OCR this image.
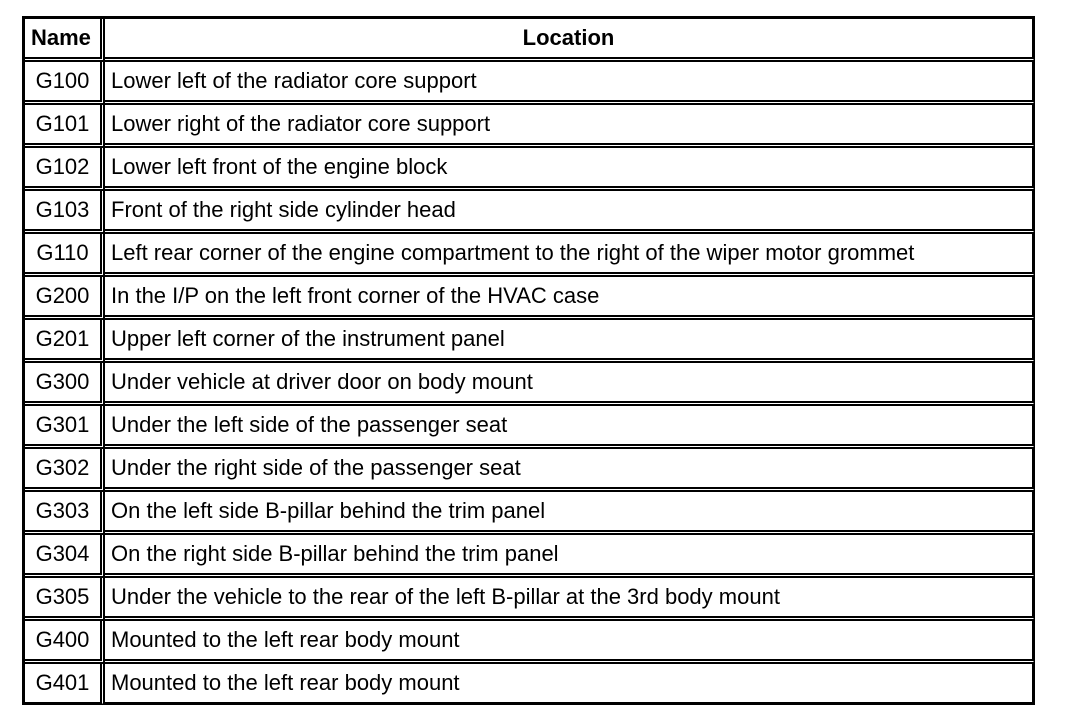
Name	Location
G100	Lower left of the radiator core support
G101	Lower right of the radiator core support
G102	Lower left front of the engine block
G103	Front of the right side cylinder head
G110	Left rear corner of the engine compartment to the right of the wiper motor grommet
G200	In the I/P on the left front corner of the HVAC case
G201	Upper left corner of the instrument panel
G300	Under vehicle at driver door on body mount
G301	Under the left side of the passenger seat
G302	Under the right side of the passenger seat
G303	On the left side B-pillar behind the trim panel
G304	On the right side B-pillar behind the trim panel
G305	Under the vehicle to the rear of the left B-pillar at the 3rd body mount
G400	Mounted to the left rear body mount
G401	Mounted to the left rear body mount
